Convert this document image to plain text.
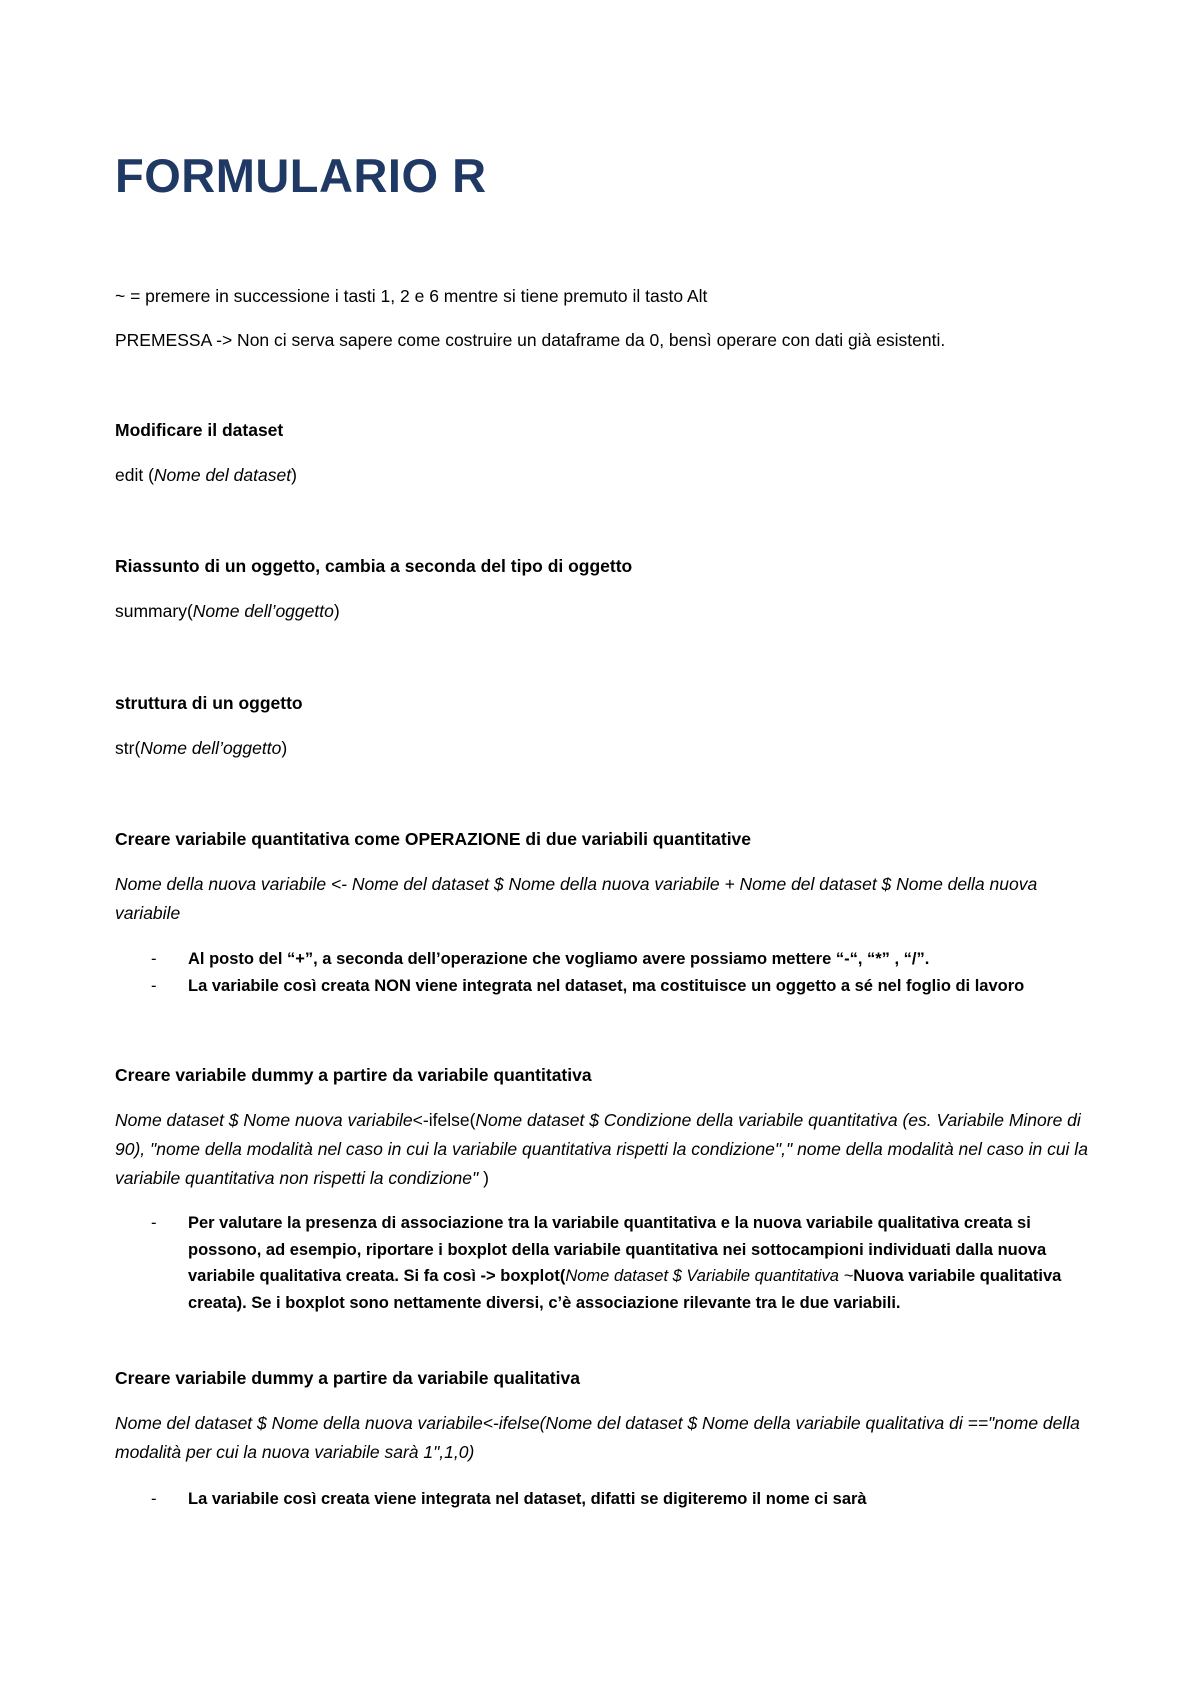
FORMULARIO R

~ = premere in successione i tasti 1, 2 e 6 mentre si tiene premuto il tasto Alt

PREMESSA -> Non ci serva sapere come costruire un dataframe da 0, bensì operare con dati già esistenti.

Modificare il dataset

edit (Nome del dataset)

Riassunto di un oggetto, cambia a seconda del tipo di oggetto

summary(Nome dell’oggetto)

struttura di un oggetto

str(Nome dell’oggetto)

Creare variabile quantitativa come OPERAZIONE di due variabili quantitative

Nome della nuova variabile <- Nome del dataset $ Nome della nuova variabile + Nome del dataset $ Nome della nuova variabile

- Al posto del “+”, a seconda dell’operazione che vogliamo avere possiamo mettere “-“, “*” , “/”.
- La variabile così creata NON viene integrata nel dataset, ma costituisce un oggetto a sé nel foglio di lavoro

Creare variabile dummy a partire da variabile quantitativa

Nome dataset $ Nome nuova variabile<-ifelse(Nome dataset $ Condizione della variabile quantitativa (es. Variabile Minore di 90), "nome della modalità nel caso in cui la variabile quantitativa rispetti la condizione"," nome della modalità nel caso in cui la variabile quantitativa non rispetti la condizione" )

- Per valutare la presenza di associazione tra la variabile quantitativa e la nuova variabile qualitativa creata si possono, ad esempio, riportare i boxplot della variabile quantitativa nei sottocampioni individuati dalla nuova variabile qualitativa creata. Si fa così -> boxplot(Nome dataset $ Variabile quantitativa ~Nuova variabile qualitativa creata). Se i boxplot sono nettamente diversi, c’è associazione rilevante tra le due variabili.

Creare variabile dummy a partire da variabile qualitativa

Nome del dataset $ Nome della nuova variabile<-ifelse(Nome del dataset $ Nome della variabile qualitativa di =="nome della modalità per cui la nuova variabile sarà 1",1,0)

- La variabile così creata viene integrata nel dataset, difatti se digiteremo il nome ci sarà
